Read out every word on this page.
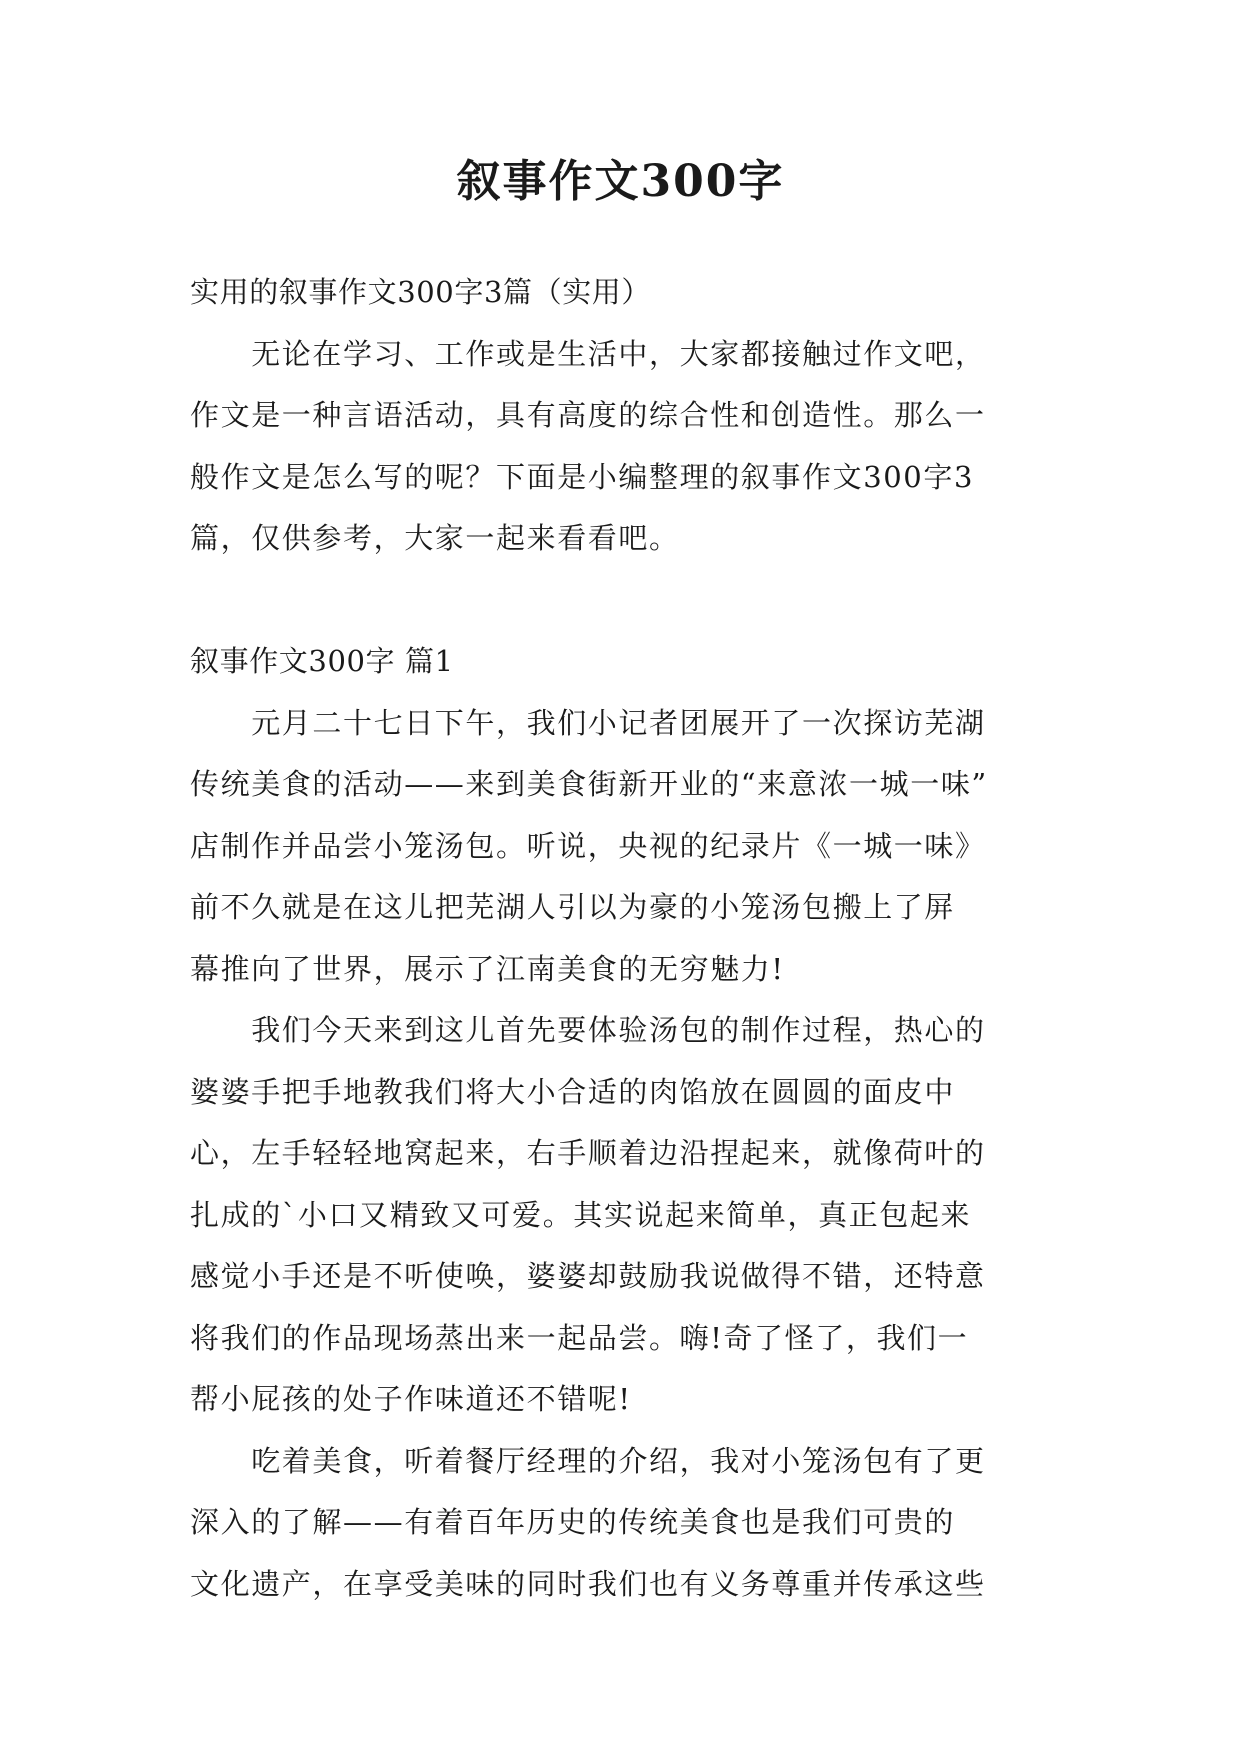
叙事作文300字
实用的叙事作文300字3篇（实用）
　　无论在学习、工作或是生活中，大家都接触过作文吧，
作文是一种言语活动，具有高度的综合性和创造性。那么一
般作文是怎么写的呢？下面是小编整理的叙事作文300字3
篇，仅供参考，大家一起来看看吧。
叙事作文300字 篇1
　　元月二十七日下午，我们小记者团展开了一次探访芜湖
传统美食的活动——来到美食街新开业的“来意浓一城一味”
店制作并品尝小笼汤包。听说，央视的纪录片《一城一味》
前不久就是在这儿把芜湖人引以为豪的小笼汤包搬上了屏
幕推向了世界，展示了江南美食的无穷魅力!
　　我们今天来到这儿首先要体验汤包的制作过程，热心的
婆婆手把手地教我们将大小合适的肉馅放在圆圆的面皮中
心，左手轻轻地窝起来，右手顺着边沿捏起来，就像荷叶的
扎成的`小口又精致又可爱。其实说起来简单，真正包起来
感觉小手还是不听使唤，婆婆却鼓励我说做得不错，还特意
将我们的作品现场蒸出来一起品尝。嗨!奇了怪了，我们一
帮小屁孩的处子作味道还不错呢!
　　吃着美食，听着餐厅经理的介绍，我对小笼汤包有了更
深入的了解——有着百年历史的传统美食也是我们可贵的
文化遗产，在享受美味的同时我们也有义务尊重并传承这些
